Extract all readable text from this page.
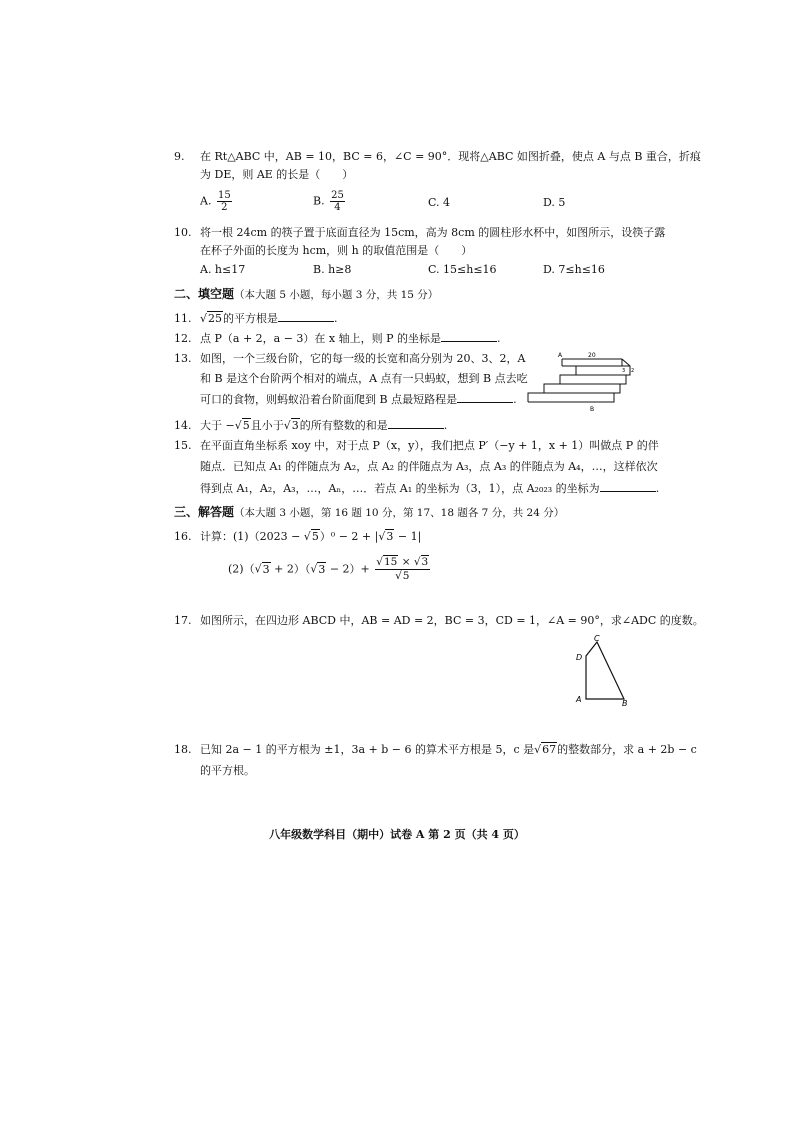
9. 在 Rt△ABC 中，AB = 10，BC = 6，∠C = 90°．现将△ABC 如图折叠，使点 A 与点 B 重合，折痕
为 DE，则 AE 的长是（　　）
A. $\frac{15}{2}$	B. $\frac{25}{4}$	C. 4	D. 5
10. 将一根 24cm 的筷子置于底面直径为 15cm，高为 8cm 的圆柱形水杯中，如图所示，设筷子露
在杯子外面的长度为 hcm，则 h 的取值范围是（　　）
A. h≤17	B. h≥8	C. 15≤h≤16	D. 7≤h≤16
二、填空题（本大题 5 小题，每小题 3 分，共 15 分）
11. √25的平方根是	.
12. 点 P（a + 2，a − 3）在 x 轴上，则 P 的坐标是	.
13. 如图，一个三级台阶，它的每一级的长宽和高分别为 20、3、2，A
和 B 是这个台阶两个相对的端点，A 点有一只蚂蚁，想到 B 点去吃
可口的食物，则蚂蚁沿着台阶面爬到 B 点最短路程是	.
A	20
3 2
B
14. 大于 −√5且小于√3的所有整数的和是	.
15. 在平面直角坐标系 xoy 中，对于点 P（x，y），我们把点 P′（−y + 1，x + 1）叫做点 P 的伴
随点．已知点 A₁ 的伴随点为 A₂，点 A₂ 的伴随点为 A₃，点 A₃ 的伴随点为 A₄，…，这样依次
得到点 A₁，A₂，A₃，…，Aₙ，…．若点 A₁ 的坐标为（3，1），点 A₂₀₂₃ 的坐标为	.
三、解答题（本大题 3 小题，第 16 题 10 分，第 17、18 题各 7 分，共 24 分）
16. 计算：(1)（2023 − √5）⁰ − 2 + |√3 − 1|
$(2)(√3 + 2)(√3 - 2)+ \frac{√15 \times √3}{√5}$
17. 如图所示，在四边形 ABCD 中，AB = AD = 2，BC = 3，CD = 1，∠A = 90°，求∠ADC 的度数。
C
D
A	B
18. 已知 2a − 1 的平方根为 ±1，3a + b − 6 的算术平方根是 5，c 是√67的整数部分，求 a + 2b − c
的平方根。
八年级数学科目（期中）试卷 A 第 2 页（共 4 页）
